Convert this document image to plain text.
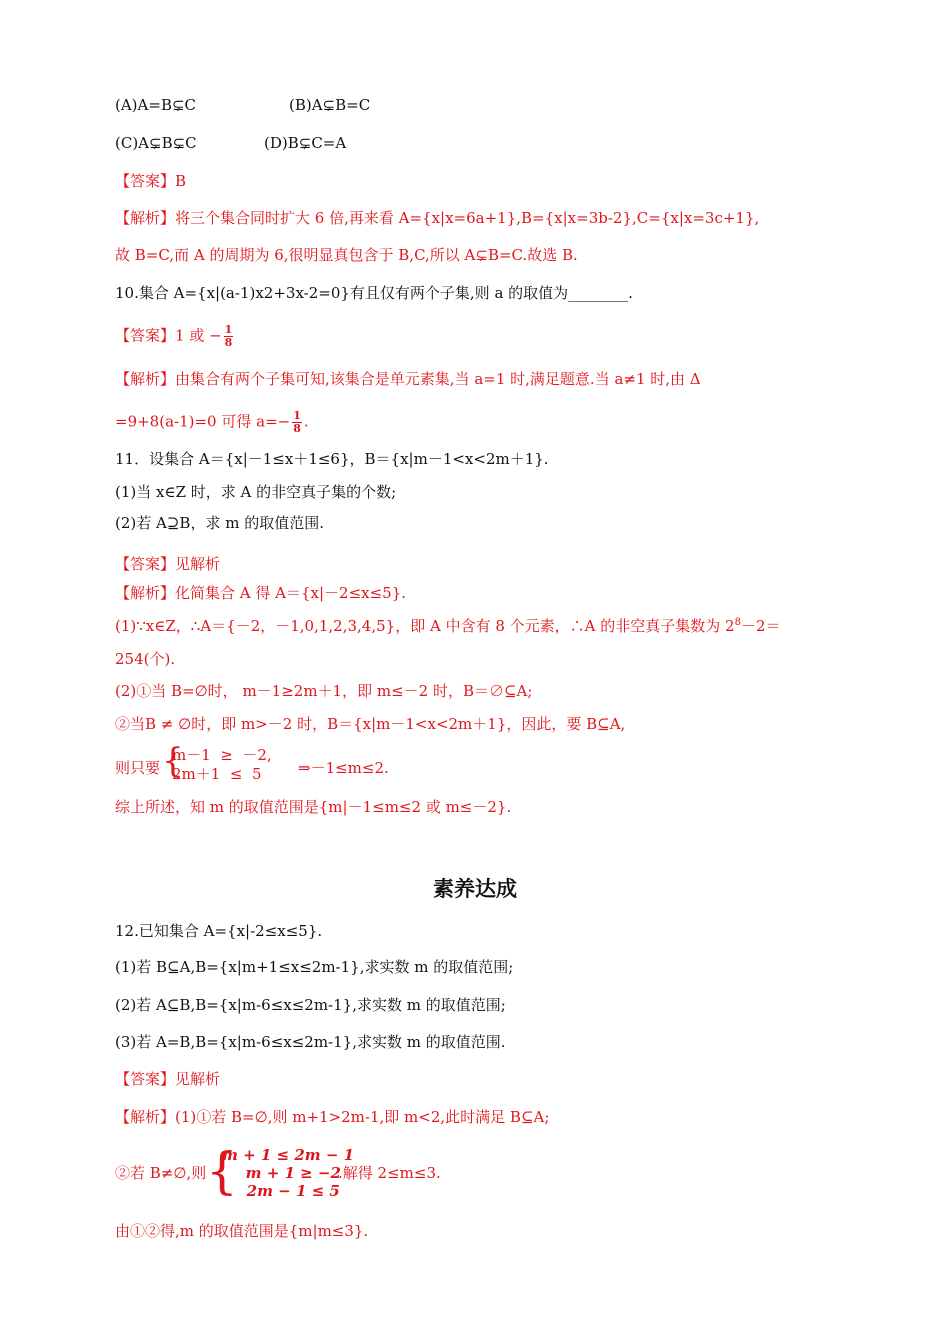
(A)A=B⊊C	(B)A⊊B=C
(C)A⊊B⊊C	(D)B⊊C=A
【答案】B
【解析】将三个集合同时扩大 6 倍,再来看 A={x|x=6a+1},B={x|x=3b-2},C={x|x=3c+1},
故 B=C,而 A 的周期为 6,很明显真包含于 B,C,所以 A⊊B=C.故选 B.
10.集合 A={x|(a-1)x2+3x-2=0}有且仅有两个子集,则 a 的取值为________.
【答案】1 或 − $\frac{1}{8}$
【解析】由集合有两个子集可知,该集合是单元素集,当 a=1 时,满足题意.当 a≠1 时,由 Δ
=9+8(a-1)=0 可得 $a=- \frac{1}{8}$ .
11．设集合 A＝{x|－1≤x＋1≤6}，B＝{x|m－1<x<2m＋1}.
(1)当 x∈Z 时，求 A 的非空真子集的个数;
(2)若 A⊇B，求 m 的取值范围.
【答案】见解析
【解析】化简集合 A 得 A＝{x|－2≤x≤5}.
(1)∵x∈Z，∴A＝{－2，－1,0,1,2,3,4,5}，即 A 中含有 8 个元素，∴A 的非空真子集数为 $2^8-2=$
254(个).
(2)①当 B=∅时， m－1≥2m＋1，即 m≤－2 时，B＝∅⊆A;
②当B ≠ ∅时，即 m>－2 时，B＝{x|m－1<x<2m＋1}，因此，要 B⊆A,
则只要 {
m－1  ≥  －2,
2m＋1  ≤  5	⇒－1≤m≤2.
综上所述，知 m 的取值范围是{m|－1≤m≤2 或 m≤－2}.
素养达成
12.已知集合 A={x|-2≤x≤5}.
(1)若 B⊆A,B={x|m+1≤x≤2m-1},求实数 m 的取值范围;
(2)若 A⊆B,B={x|m-6≤x≤2m-1},求实数 m 的取值范围;
(3)若 A=B,B={x|m-6≤x≤2m-1},求实数 m 的取值范围.
【答案】见解析
【解析】(1)①若 B=∅,则 m+1>2m-1,即 m<2,此时满足 B⊆A;
②若 B≠∅,则 {
m + 1 ≤ 2m − 1
m + 1 ≥ −2
2m − 1 ≤ 5
.解得 2≤m≤3.
由①②得,m 的取值范围是{m|m≤3}.
